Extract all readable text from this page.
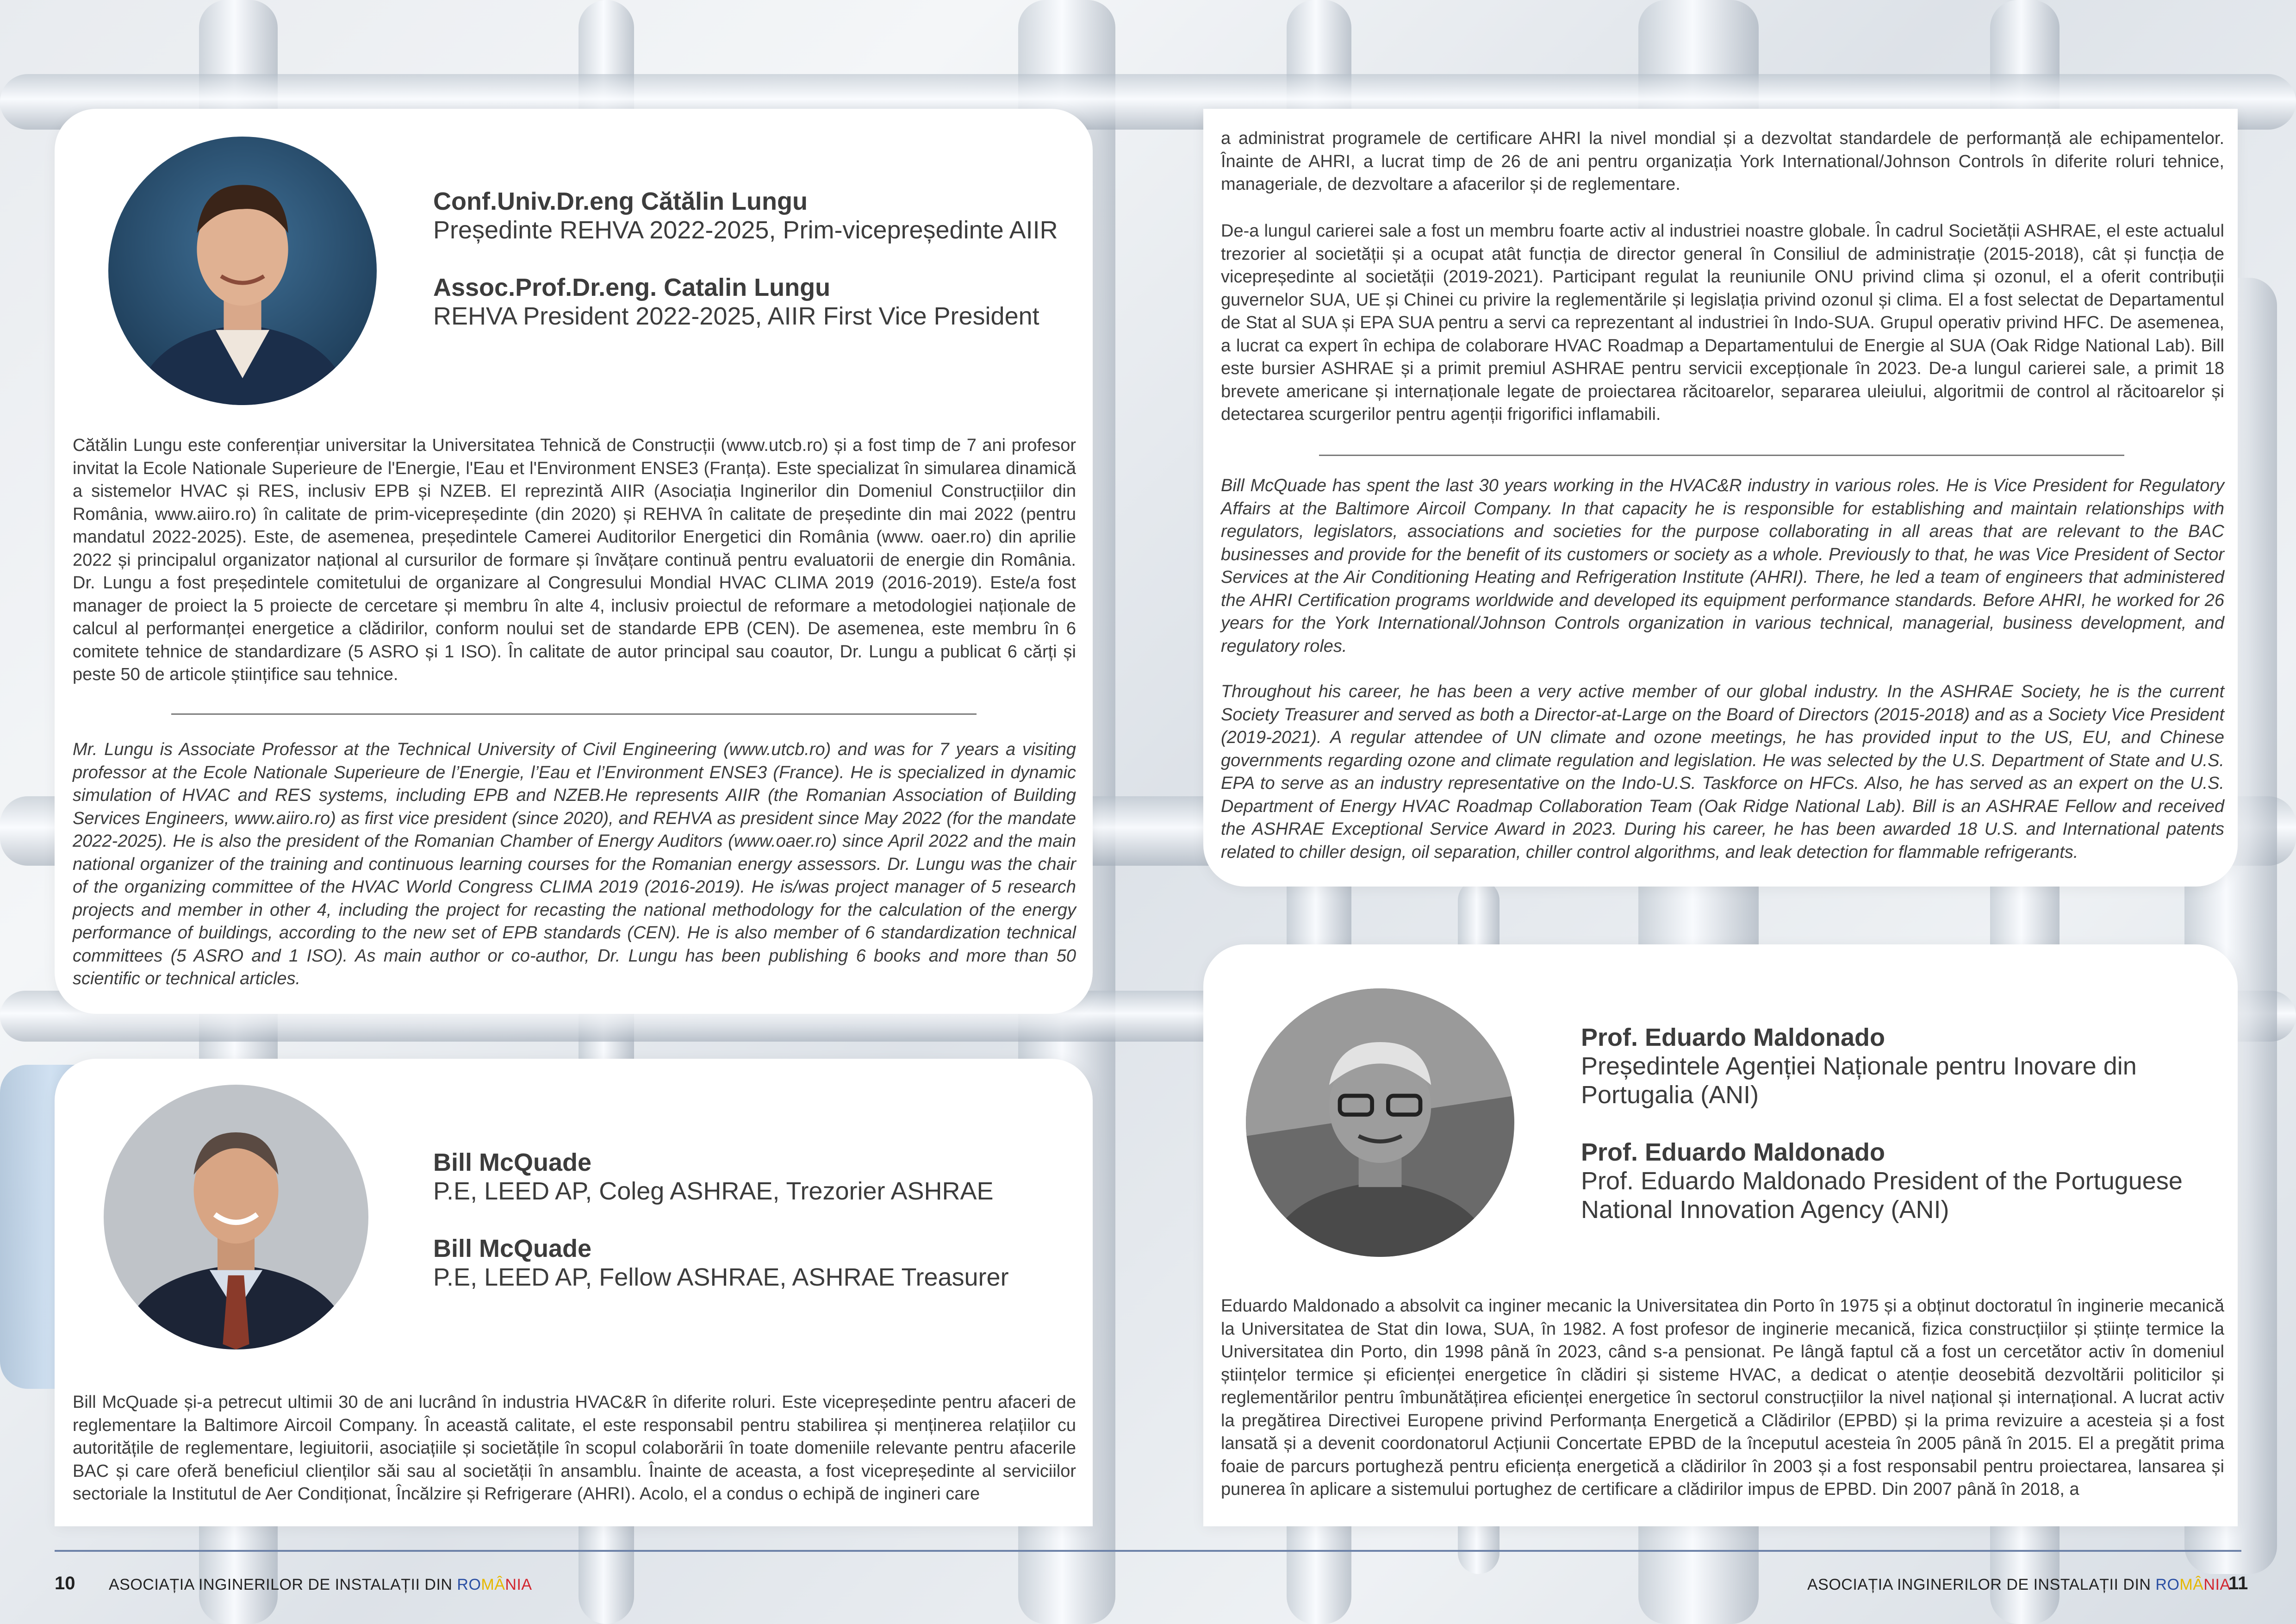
Conf.Univ.Dr.eng Cătălin Lungu

Președinte REHVA 2022-2025, Prim-vicepreședinte AIIR

Assoc.Prof.Dr.eng. Catalin Lungu

REHVA President 2022-2025, AIIR First Vice President

Cătălin Lungu este conferențiar universitar la Universitatea Tehnică de Construcții (www.utcb.ro) și a fost timp de 7 ani profesor invitat la Ecole Nationale Superieure de l'Energie, l'Eau et l'Environment ENSE3 (Franța). Este specializat în simularea dinamică a sistemelor HVAC și RES, inclusiv EPB și NZEB. El reprezintă AIIR (Asociația Inginerilor din Domeniul Construcțiilor din România, www.aiiro.ro) în calitate de prim-vicepreședinte (din 2020) și REHVA în calitate de președinte din mai 2022 (pentru mandatul 2022-2025). Este, de asemenea, președintele Camerei Auditorilor Energetici din România (www. oaer.ro) din aprilie 2022 și principalul organizator național al cursurilor de formare și învățare continuă pentru evaluatorii de energie din România. Dr. Lungu a fost președintele comitetului de organizare al Congresului Mondial HVAC CLIMA 2019 (2016-2019). Este/a fost manager de proiect la 5 proiecte de cercetare și membru în alte 4, inclusiv proiectul de reformare a metodologiei naționale de calcul al performanței energetice a clădirilor, conform noului set de standarde EPB (CEN). De asemenea, este membru în 6 comitete tehnice de standardizare (5 ASRO și 1 ISO). În calitate de autor principal sau coautor, Dr. Lungu a publicat 6 cărți și peste 50 de articole științifice sau tehnice.

Mr. Lungu is Associate Professor at the Technical University of Civil Engineering (www.utcb.ro) and was for 7 years a visiting professor at the Ecole Nationale Superieure de l’Energie, l’Eau et l’Environment ENSE3 (France). He is specialized in dynamic simulation of HVAC and RES systems, including EPB and NZEB.He represents AIIR (the Romanian Association of Building Services Engineers, www.aiiro.ro) as first vice president (since 2020), and REHVA as president since May 2022 (for the mandate 2022-2025). He is also the president of the Romanian Chamber of Energy Auditors (www.oaer.ro) since April 2022 and the main national organizer of the training and continuous learning courses for the Romanian energy assessors. Dr. Lungu was the chair of the organizing committee of the HVAC World Congress CLIMA 2019 (2016-2019). He is/was project manager of 5 research projects and member in other 4, including the project for recasting the national methodology for the calculation of the energy performance of buildings, according to the new set of EPB standards (CEN). He is also member of 6 standardization technical committees (5 ASRO and 1 ISO). As main author or co-author, Dr. Lungu has been publishing 6 books and more than 50 scientific or technical articles.

Bill McQuade

P.E, LEED AP, Coleg ASHRAE, Trezorier ASHRAE

Bill McQuade

P.E, LEED AP, Fellow ASHRAE, ASHRAE Treasurer

Bill McQuade și-a petrecut ultimii 30 de ani lucrând în industria HVAC&R în diferite roluri. Este vicepreședinte pentru afaceri de reglementare la Baltimore Aircoil Company. În această calitate, el este responsabil pentru stabilirea și menținerea relațiilor cu autoritățile de reglementare, legiuitorii, asociațiile și societățile în scopul colaborării în toate domeniile relevante pentru afacerile BAC și care oferă beneficiul clienților săi sau al societății în ansamblu. Înainte de aceasta, a fost vicepreședinte al serviciilor sectoriale la Institutul de Aer Condiționat, Încălzire și Refrigerare (AHRI). Acolo, el a condus o echipă de ingineri care

a administrat programele de certificare AHRI la nivel mondial și a dezvoltat standardele de performanță ale echipamentelor. Înainte de AHRI, a lucrat timp de 26 de ani pentru organizația York International/Johnson Controls în diferite roluri tehnice, manageriale, de dezvoltare a afacerilor și de reglementare.

De-a lungul carierei sale a fost un membru foarte activ al industriei noastre globale. În cadrul Societății ASHRAE, el este actualul trezorier al societății și a ocupat atât funcția de director general în Consiliul de administrație (2015-2018), cât și funcția de vicepreședinte al societății (2019-2021). Participant regulat la reuniunile ONU privind clima și ozonul, el a oferit contribuții guvernelor SUA, UE și Chinei cu privire la reglementările și legislația privind ozonul și clima. El a fost selectat de Departamentul de Stat al SUA și EPA SUA pentru a servi ca reprezentant al industriei în Indo-SUA. Grupul operativ privind HFC. De asemenea, a lucrat ca expert în echipa de colaborare HVAC Roadmap a Departamentului de Energie al SUA (Oak Ridge National Lab). Bill este bursier ASHRAE și a primit premiul ASHRAE pentru servicii excepționale în 2023. De-a lungul carierei sale, a primit 18 brevete americane și internaționale legate de proiectarea răcitoarelor, separarea uleiului, algoritmii de control al răcitoarelor și detectarea scurgerilor pentru agenții frigorifici inflamabili.

Bill McQuade has spent the last 30 years working in the HVAC&R industry in various roles. He is Vice President for Regulatory Affairs at the Baltimore Aircoil Company. In that capacity he is responsible for establishing and maintain relationships with regulators, legislators, associations and societies for the purpose collaborating in all areas that are relevant to the BAC businesses and provide for the benefit of its customers or society as a whole. Previously to that, he was Vice President of Sector Services at the Air Conditioning Heating and Refrigeration Institute (AHRI). There, he led a team of engineers that administered the AHRI Certification programs worldwide and developed its equipment performance standards. Before AHRI, he worked for 26 years for the York International/Johnson Controls organization in various technical, managerial, business development, and regulatory roles.

Throughout his career, he has been a very active member of our global industry. In the ASHRAE Society, he is the current Society Treasurer and served as both a Director-at-Large on the Board of Directors (2015-2018) and as a Society Vice President (2019-2021). A regular attendee of UN climate and ozone meetings, he has provided input to the US, EU, and Chinese governments regarding ozone and climate regulation and legislation. He was selected by the U.S. Department of State and U.S. EPA to serve as an industry representative on the Indo-U.S. Taskforce on HFCs. Also, he has served as an expert on the U.S. Department of Energy HVAC Roadmap Collaboration Team (Oak Ridge National Lab). Bill is an ASHRAE Fellow and received the ASHRAE Exceptional Service Award in 2023. During his career, he has been awarded 18 U.S. and International patents related to chiller design, oil separation, chiller control algorithms, and leak detection for flammable refrigerants.

Prof. Eduardo Maldonado

Președintele Agenției Naționale pentru Inovare din Portugalia (ANI)

Prof. Eduardo Maldonado

Prof. Eduardo Maldonado President of the Portuguese National Innovation Agency (ANI)

Eduardo Maldonado a absolvit ca inginer mecanic la Universitatea din Porto în 1975 și a obținut doctoratul în inginerie mecanică la Universitatea de Stat din Iowa, SUA, în 1982. A fost profesor de inginerie mecanică, fizica construcțiilor și științe termice la Universitatea din Porto, din 1998 până în 2023, când s-a pensionat. Pe lângă faptul că a fost un cercetător activ în domeniul științelor termice și eficienței energetice în clădiri și sisteme HVAC, a dedicat o atenție deosebită dezvoltării politicilor și reglementărilor pentru îmbunătățirea eficienței energetice în sectorul construcțiilor la nivel național și internațional. A lucrat activ la pregătirea Directivei Europene privind Performanța Energetică a Clădirilor (EPBD) și la prima revizuire a acesteia și a fost lansată și a devenit coordonatorul Acțiunii Concertate EPBD de la începutul acesteia în 2005 până în 2015. El a pregătit prima foaie de parcurs portugheză pentru eficiența energetică a clădirilor în 2003 și a fost responsabil pentru proiectarea, lansarea și punerea în aplicare a sistemului portughez de certificare a clădirilor impus de EPBD. Din 2007 până în 2018, a

10 ASOCIAȚIA INGINERILOR DE INSTALAȚII DIN ROMÂNIA	ASOCIAȚIA INGINERILOR DE INSTALAȚII DIN ROMÂNIA
11
